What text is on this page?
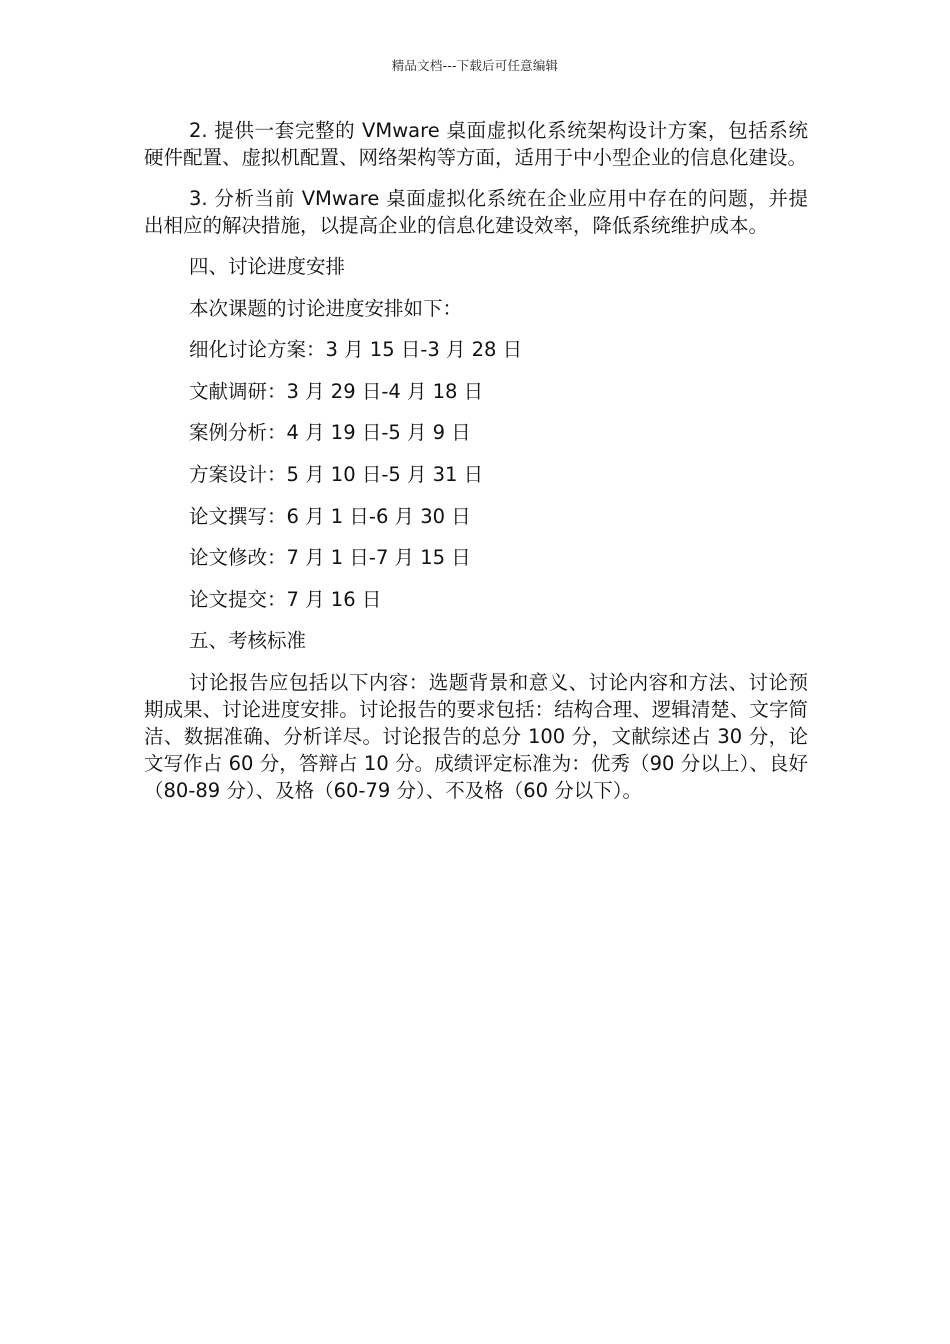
精品文档---下载后可任意编辑

2. 提供一套完整的 VMware 桌面虚拟化系统架构设计方案，包括系统硬件配置、虚拟机配置、网络架构等方面，适用于中小型企业的信息化建设。

3. 分析当前 VMware 桌面虚拟化系统在企业应用中存在的问题，并提出相应的解决措施，以提高企业的信息化建设效率，降低系统维护成本。

四、讨论进度安排

本次课题的讨论进度安排如下：

细化讨论方案：3 月 15 日-3 月 28 日

文献调研：3 月 29 日-4 月 18 日

案例分析：4 月 19 日-5 月 9 日

方案设计：5 月 10 日-5 月 31 日

论文撰写：6 月 1 日-6 月 30 日

论文修改：7 月 1 日-7 月 15 日

论文提交：7 月 16 日

五、考核标准

讨论报告应包括以下内容：选题背景和意义、讨论内容和方法、讨论预期成果、讨论进度安排。讨论报告的要求包括：结构合理、逻辑清楚、文字简洁、数据准确、分析详尽。讨论报告的总分 100 分，文献综述占 30 分，论文写作占 60 分，答辩占 10 分。成绩评定标准为：优秀（90 分以上）、良好（80-89 分）、及格（60-79 分）、不及格（60 分以下）。
